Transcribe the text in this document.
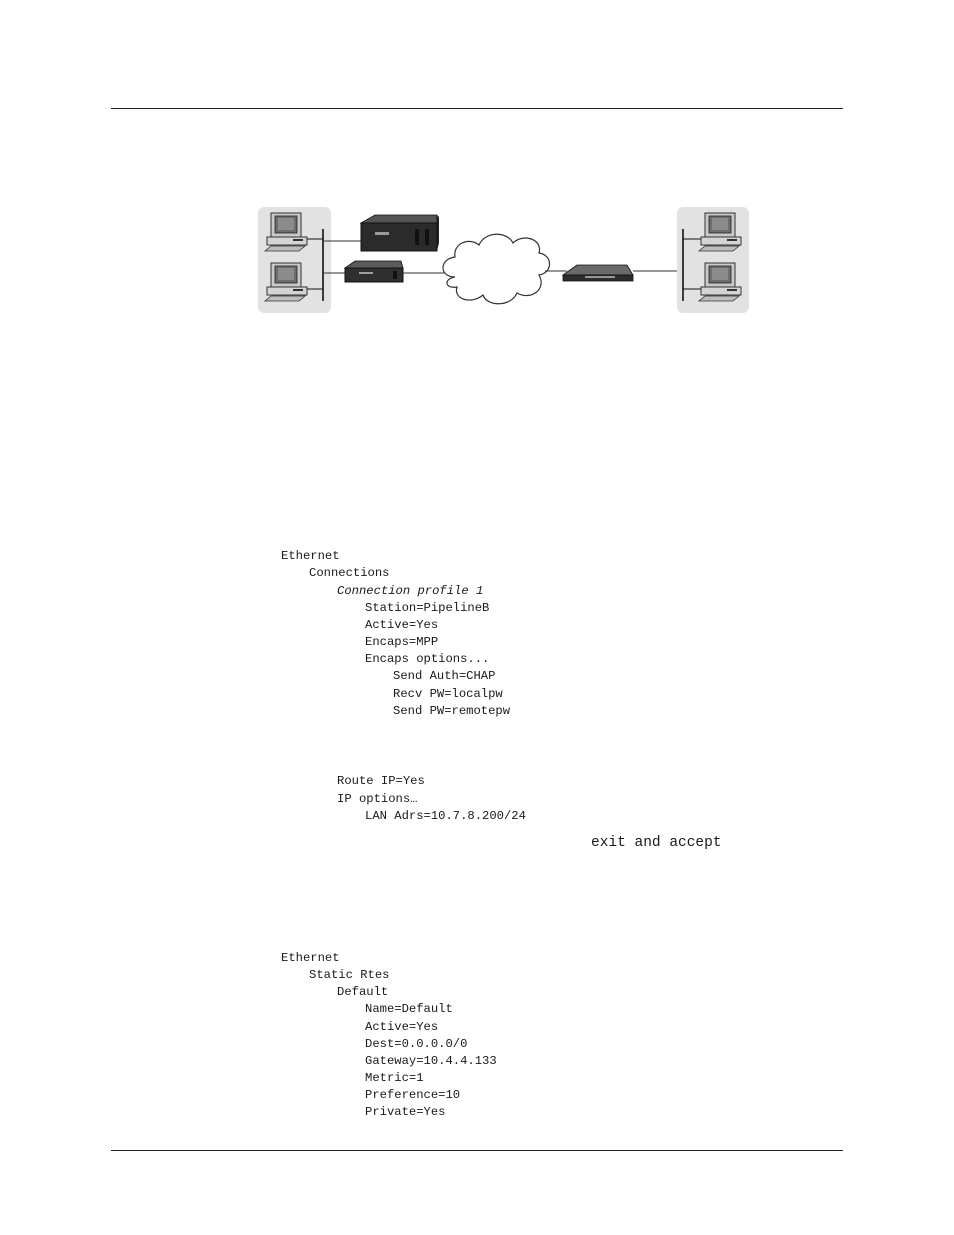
Ethernet
Connections
Connection profile 1
Station=PipelineB
Active=Yes
Encaps=MPP
Encaps options...
Send Auth=CHAP
Recv PW=localpw
Send PW=remotepw
Route IP=Yes
IP options…
LAN Adrs=10.7.8.200/24
exit and accept
Ethernet
Static Rtes
Default
Name=Default
Active=Yes
Dest=0.0.0.0/0
Gateway=10.4.4.133
Metric=1
Preference=10
Private=Yes
